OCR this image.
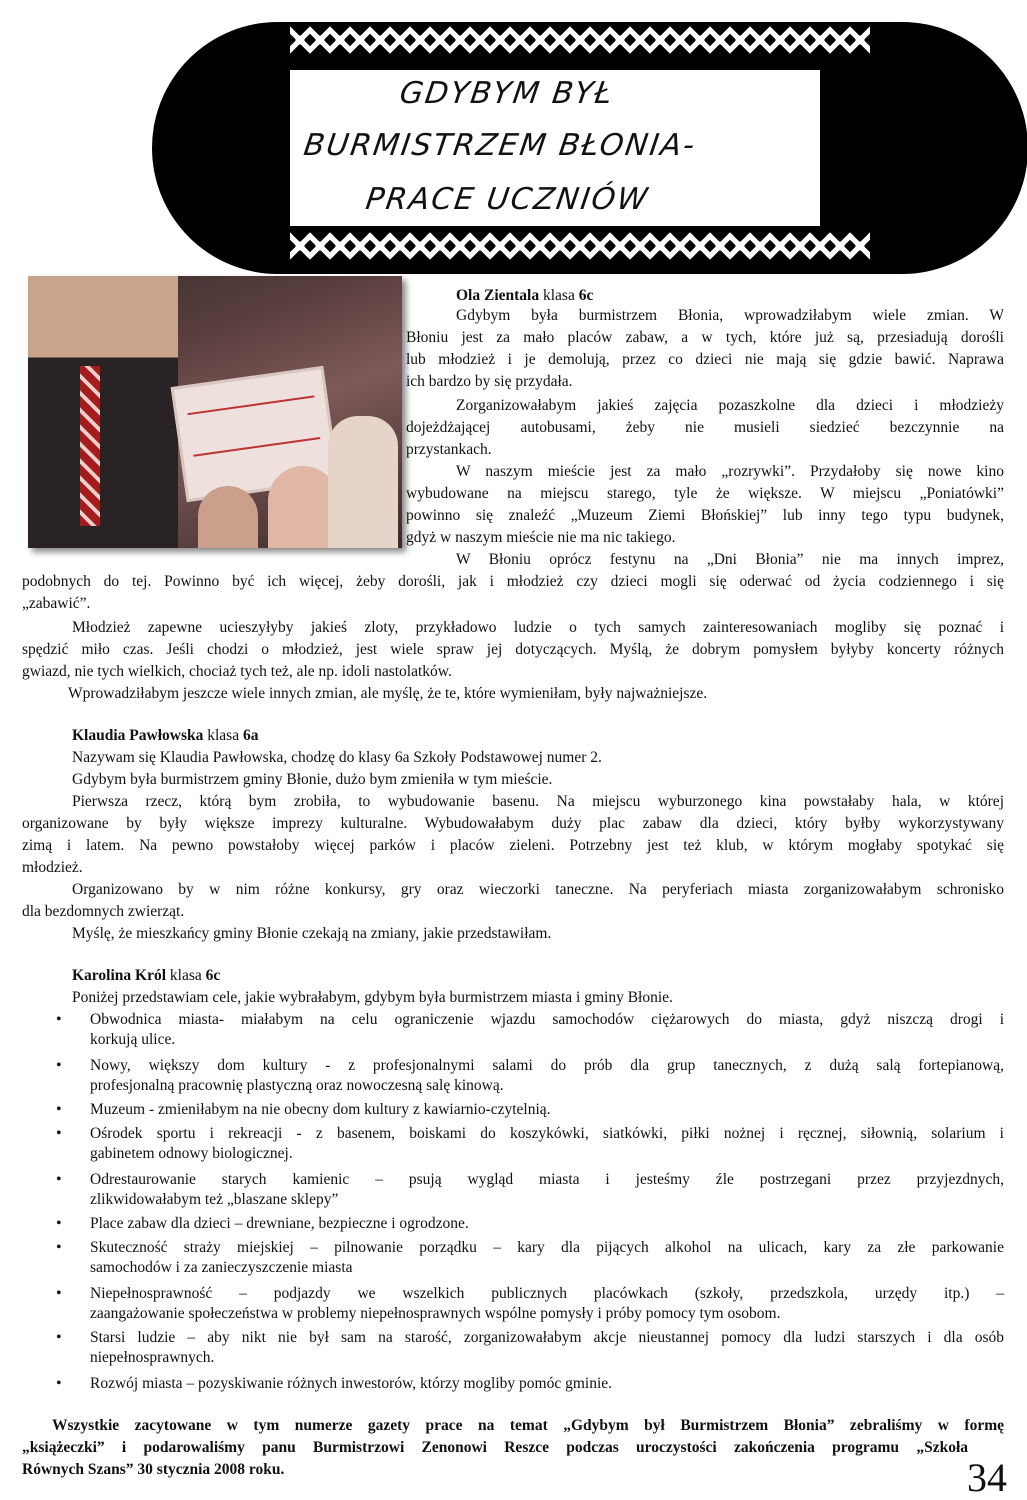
GDYBYM BYŁ
BURMISTRZEM BŁONIA-
PRACE UCZNIÓW
Ola Zientala klasa 6c
Gdybym była burmistrzem Błonia, wprowadziłabym wiele zmian. W
Błoniu jest za mało placów zabaw, a w tych, które już są, przesiadują dorośli
lub młodzież i je demolują, przez co dzieci nie mają się gdzie bawić. Naprawa
ich bardzo by się przydała.
Zorganizowałabym jakieś zajęcia pozaszkolne dla dzieci i młodzieży
dojeżdżającej autobusami, żeby nie musieli siedzieć bezczynnie na
przystankach.
W naszym mieście jest za mało „rozrywki”. Przydałoby się nowe kino
wybudowane na miejscu starego, tyle że większe. W miejscu „Poniatówki”
powinno się znaleźć „Muzeum Ziemi Błońskiej” lub inny tego typu budynek,
gdyż w naszym mieście nie ma nic takiego.
W Błoniu oprócz festynu na „Dni Błonia” nie ma innych imprez,
podobnych do tej. Powinno być ich więcej, żeby dorośli, jak i młodzież czy dzieci mogli się oderwać od życia codziennego i się
„zabawić”.
Młodzież zapewne ucieszyłyby jakieś zloty, przykładowo ludzie o tych samych zainteresowaniach mogliby się poznać i
spędzić miło czas. Jeśli chodzi o młodzież, jest wiele spraw jej dotyczących. Myślą, że dobrym pomysłem byłyby koncerty różnych
gwiazd, nie tych wielkich, chociaż tych też, ale np. idoli nastolatków.
Wprowadziłabym jeszcze wiele innych zmian, ale myślę, że te, które wymieniłam, były najważniejsze.
Klaudia Pawłowska klasa 6a
Nazywam się Klaudia Pawłowska, chodzę do klasy 6a Szkoły Podstawowej numer 2.
Gdybym była burmistrzem gminy Błonie, dużo bym zmieniła w tym mieście.
Pierwsza rzecz, którą bym zrobiła, to wybudowanie basenu. Na miejscu wyburzonego kina powstałaby hala, w której
organizowane by były większe imprezy kulturalne. Wybudowałabym duży plac zabaw dla dzieci, który byłby wykorzystywany
zimą i latem. Na pewno powstałoby więcej parków i placów zieleni. Potrzebny jest też klub, w którym mogłaby spotykać się
młodzież.
Organizowano by w nim różne konkursy, gry oraz wieczorki taneczne. Na peryferiach miasta zorganizowałabym schronisko
dla bezdomnych zwierząt.
Myślę, że mieszkańcy gminy Błonie czekają na zmiany, jakie przedstawiłam.
Karolina Król klasa 6c
Poniżej przedstawiam cele, jakie wybrałabym, gdybym była burmistrzem miasta i gminy Błonie.
• Obwodnica miasta- miałabym na celu ograniczenie wjazdu samochodów ciężarowych do miasta, gdyż niszczą drogi i
korkują ulice.
• Nowy, większy dom kultury - z profesjonalnymi salami do prób dla grup tanecznych, z dużą salą fortepianową,
profesjonalną pracownię plastyczną oraz nowoczesną salę kinową.
• Muzeum - zmieniłabym na nie obecny dom kultury z kawiarnio-czytelnią.
• Ośrodek sportu i rekreacji - z basenem, boiskami do koszykówki, siatkówki, piłki nożnej i ręcznej, siłownią, solarium i
gabinetem odnowy biologicznej.
• Odrestaurowanie starych kamienic – psują wygląd miasta i jesteśmy źle postrzegani przez przyjezdnych,
zlikwidowałabym też „blaszane sklepy”
• Place zabaw dla dzieci – drewniane, bezpieczne i ogrodzone.
• Skuteczność straży miejskiej – pilnowanie porządku – kary dla pijących alkohol na ulicach, kary za złe parkowanie
samochodów i za zanieczyszczenie miasta
• Niepełnosprawność – podjazdy we wszelkich publicznych placówkach (szkoły, przedszkola, urzędy itp.) –
zaangażowanie społeczeństwa w problemy niepełnosprawnych wspólne pomysły i próby pomocy tym osobom.
• Starsi ludzie – aby nikt nie był sam na starość, zorganizowałabym akcje nieustannej pomocy dla ludzi starszych i dla osób
niepełnosprawnych.
• Rozwój miasta – pozyskiwanie różnych inwestorów, którzy mogliby pomóc gminie.
Wszystkie zacytowane w tym numerze gazety prace na temat „Gdybym był Burmistrzem Błonia” zebraliśmy w formę
„książeczki” i podarowaliśmy panu Burmistrzowi Zenonowi Reszce podczas uroczystości zakończenia programu „Szkoła
Równych Szans” 30 stycznia 2008 roku.	34
